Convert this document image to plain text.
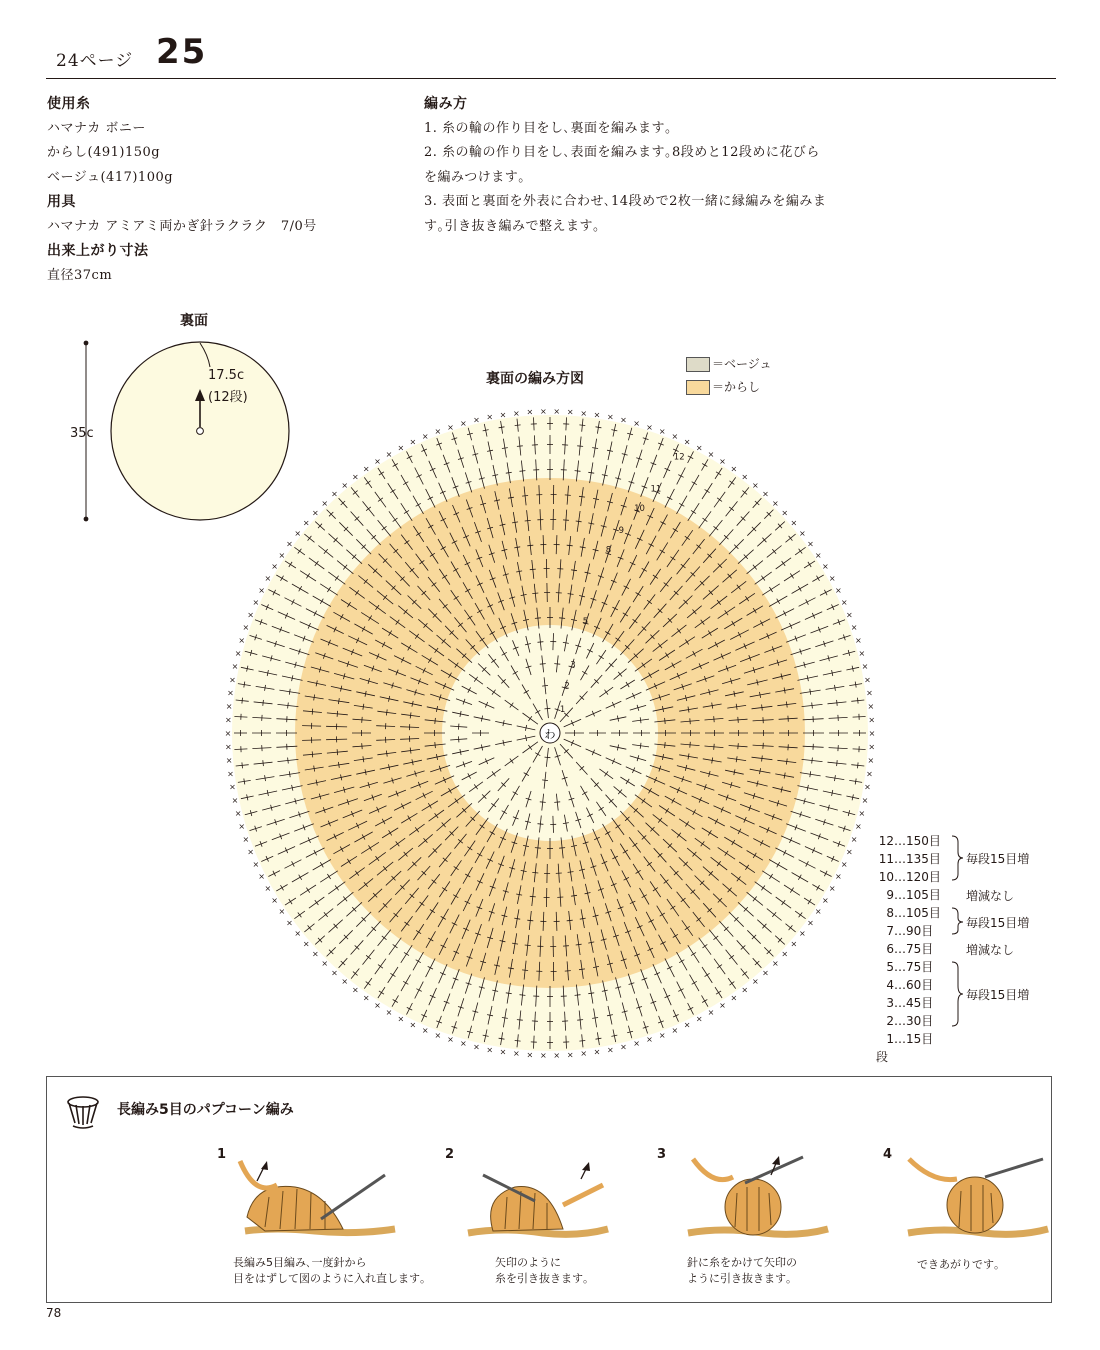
24ページ 25
使用糸
ハマナカ ボニー
からし(491)150g
ベージュ(417)100g
用具
ハマナカ アミアミ両かぎ針ラクラク　7/0号
出来上がり寸法
直径37cm
編み方
1. 糸の輪の作り目をし､裏面を編みます｡
2. 糸の輪の作り目をし､表面を編みます｡8段めと12段めに花びら
を編みつけます｡
3. 表面と裏面を外表に合わせ､14段めで2枚一緒に縁編みを編みま
す｡引き抜き編みで整えます｡
裏面
17.5c
(12段)
35c
裏面の編み方図
＝ベージュ
＝からし
×
×
×
×
×
×
×
×
×
×
×
×
×
×
×
×
×
×
×
×
×
×
×
×
×
×
×
×
×
×
×
×
×
×
×
×
×
×
×
×
×
×
×
×
×
×
×
×
×
×
×
×
×
×
×
×
×
×
×
×
×
×
×
×
×
×
×
×
×
×
×
×
×
×
×
×
×
×
×
×
×
×
×
×
×
×
×
×
×
×
×
×
×
×
×
×
×
×
×
×
×
×
×
×
× × × × × × × × × × × × × × × × × ×
×
×
×
×
×
×
×
×
×
×
×
×
×
×
×
×
×
×
×
×
×
×
×
×
×
×
×
×
1
2
3
5
8
9
10
11
12
わ
12…150目
11…135目
10…120目
9…105目
8…105目
7…90目
6…75目
5…75目
4…60目
3…45目
2…30目
1…15目
毎段15目増
増減なし
毎段15目増
増減なし
毎段15目増
段
長編み5目のパプコーン編み
1
長編み5目編み､一度針から
目をはずして図のように入れ直します｡
2
矢印のように
糸を引き抜きます｡
3
針に糸をかけて矢印の
ように引き抜きます｡
4
できあがりです｡
78
